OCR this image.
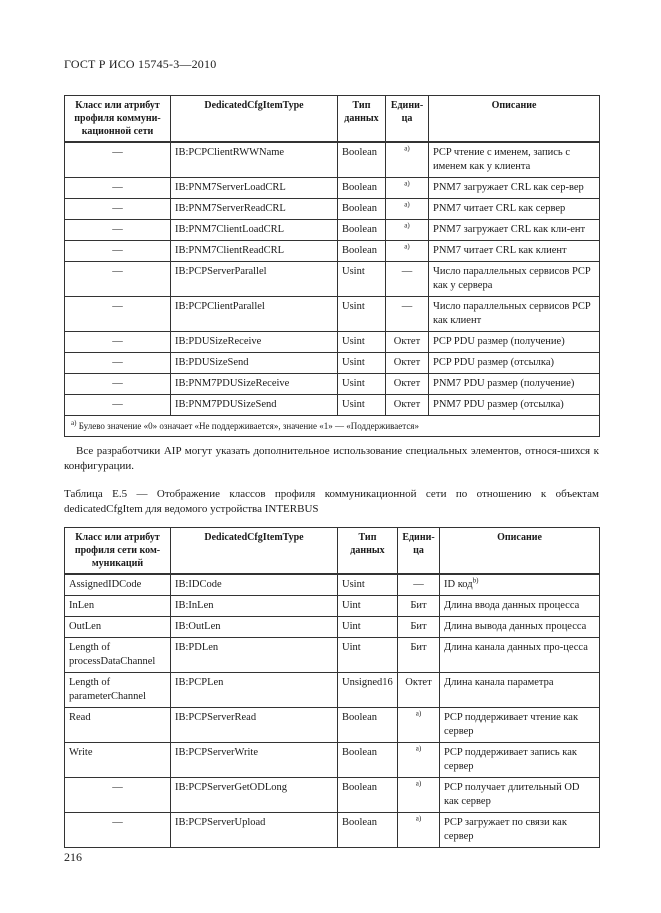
ГОСТ Р ИСО 15745-3—2010
Класс или атрибут профиля коммуни-кационной сети	DedicatedCfgItemType	Тип данных	Едини-ца	Описание
—	IB:PCPClientRWWName	Boolean	$^{a)}$	PCP чтение с именем, запись с именем как у клиента
—	IB:PNM7ServerLoadCRL	Boolean	$^{a)}$	PNM7 загружает CRL как сер-вер
—	IB:PNM7ServerReadCRL	Boolean	$^{a)}$	PNM7 читает CRL как сервер
—	IB:PNM7ClientLoadCRL	Boolean	$^{a)}$	PNM7 загружает CRL как кли-ент
—	IB:PNM7ClientReadCRL	Boolean	$^{a)}$	PNM7 читает CRL как клиент
—	IB:PCPServerParallel	Usint	—	Число параллельных сервисов PCP как у сервера
—	IB:PCPClientParallel	Usint	—	Число параллельных сервисов PCP как клиент
—	IB:PDUSizeReceive	Usint	Октет	PCP PDU размер (получение)
—	IB:PDUSizeSend	Usint	Октет	PCP PDU размер (отсылка)
—	IB:PNM7PDUSizeReceive	Usint	Октет	PNM7 PDU размер (получение)
—	IB:PNM7PDUSizeSend	Usint	Октет	PNM7 PDU размер (отсылка)
$^{a)}$ Булево значение «0» означает «Не поддерживается», значение «1» — «Поддерживается»				
Все разработчики AIP могут указать дополнительное использование специальных элементов, относя-шихся к конфигурации.
Таблица Е.5 — Отображение классов профиля коммуникационной сети по отношению к объектам dedicatedCfgItem для ведомого устройства INTERBUS
Класс или атрибут профиля сети ком-муникаций	DedicatedCfgItemType	Тип данных	Едини-ца	Описание
AssignedIDCode	IB:IDCode	Usint	—	ID код$^{b)}$
InLen	IB:InLen	Uint	Бит	Длина ввода данных процесса
OutLen	IB:OutLen	Uint	Бит	Длина вывода данных процесса
Length of processDataChannel	IB:PDLen	Uint	Бит	Длина канала данных про-цесса
Length of parameterChannel	IB:PCPLen	Unsigned16	Октет	Длина канала параметра
Read	IB:PCPServerRead	Boolean	$^{a)}$	PCP поддерживает чтение как сервер
Write	IB:PCPServerWrite	Boolean	$^{a)}$	PCP поддерживает запись как сервер
—	IB:PCPServerGetODLong	Boolean	$^{a)}$	PCP получает длительный OD как сервер
—	IB:PCPServerUpload	Boolean	$^{a)}$	PCP загружает по связи как сервер
216
